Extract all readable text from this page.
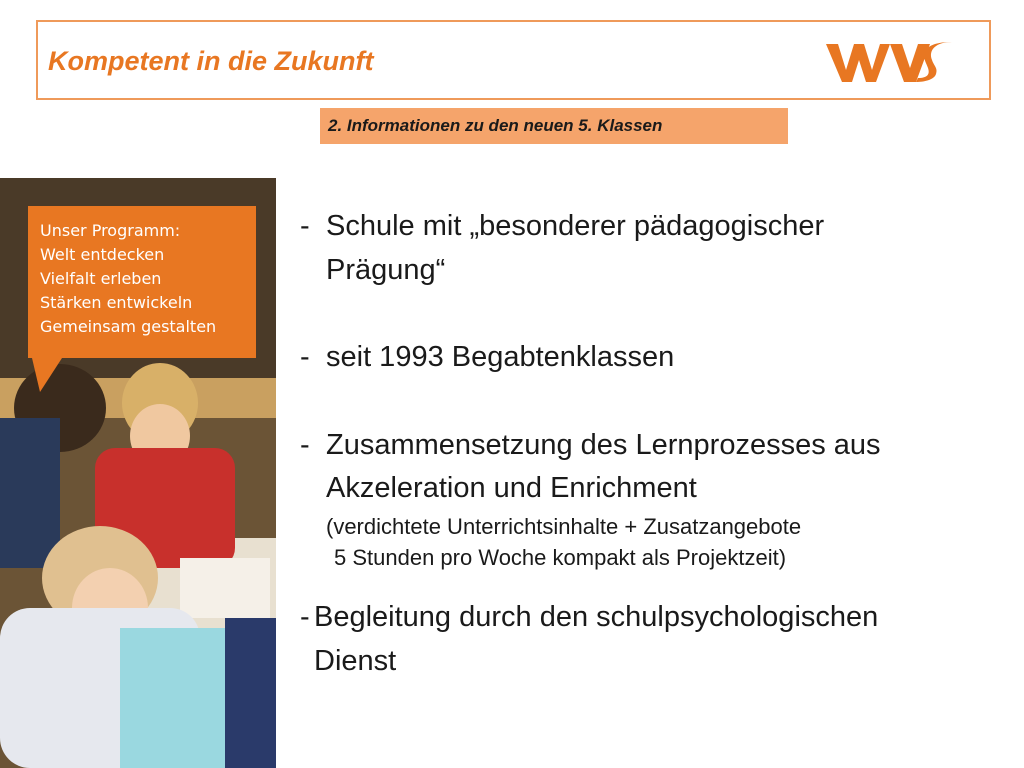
Kompetent in die Zukunft
2. Informationen zu den neuen 5. Klassen
Unser Programm:
Welt entdecken
Vielfalt erleben
Stärken entwickeln
Gemeinsam gestalten
- Schule mit „besonderer pädagogischer
Prägung“
- seit 1993 Begabtenklassen
- Zusammensetzung des Lernprozesses aus
Akzeleration und Enrichment
(verdichtete Unterrichtsinhalte + Zusatzangebote
5 Stunden pro Woche kompakt als Projektzeit)
- Begleitung durch den schulpsychologischen
Dienst
